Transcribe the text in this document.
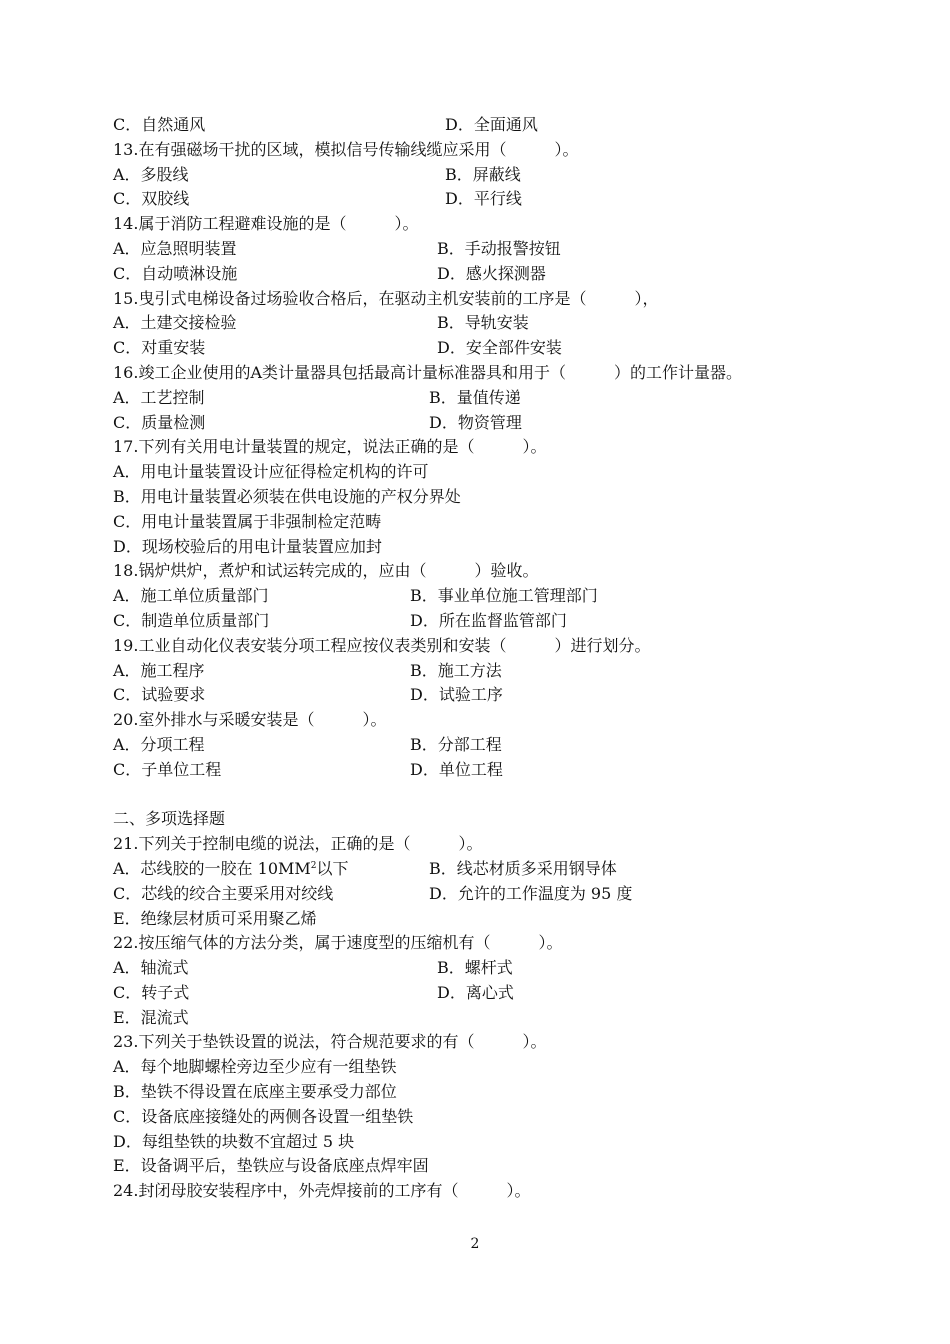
C．自然通风	D．全面通风
13.在有强磁场干扰的区域，模拟信号传输线缆应采用（　　　）。
A．多股线	B．屏蔽线
C．双胶线	D．平行线
14.属于消防工程避难设施的是（　　　）。
A．应急照明装置	B．手动报警按钮
C．自动喷淋设施	D．感火探测器
15.曳引式电梯设备过场验收合格后，在驱动主机安装前的工序是（　　　），
A．土建交接检验	B．导轨安装
C．对重安装	D．安全部件安装
16.竣工企业使用的A类计量器具包括最高计量标准器具和用于（　　　）的工作计量器。
A．工艺控制	B．量值传递
C．质量检测	D．物资管理
17.下列有关用电计量装置的规定，说法正确的是（　　　）。
A．用电计量装置设计应征得检定机构的许可
B．用电计量装置必须装在供电设施的产权分界处
C．用电计量装置属于非强制检定范畴
D．现场校验后的用电计量装置应加封
18.锅炉烘炉，煮炉和试运转完成的，应由（　　　）验收。
A．施工单位质量部门	B．事业单位施工管理部门
C．制造单位质量部门	D．所在监督监管部门
19.工业自动化仪表安装分项工程应按仪表类别和安装（　　　）进行划分。
A．施工程序	B．施工方法
C．试验要求	D．试验工序
20.室外排水与采暖安装是（　　　）。
A．分项工程	B．分部工程
C．子单位工程	D．单位工程
二、多项选择题
21.下列关于控制电缆的说法，正确的是（　　　）。
A．芯线胶的一胶在 $10MM^2$以下	B．线芯材质多采用钢导体
C．芯线的绞合主要采用对绞线	D．允许的工作温度为 95 度
E．绝缘层材质可采用聚乙烯
22.按压缩气体的方法分类，属于速度型的压缩机有（　　　）。
A．轴流式	B．螺杆式
C．转子式	D．离心式
E．混流式
23.下列关于垫铁设置的说法，符合规范要求的有（　　　）。
A．每个地脚螺栓旁边至少应有一组垫铁
B．垫铁不得设置在底座主要承受力部位
C．设备底座接缝处的两侧各设置一组垫铁
D．每组垫铁的块数不宜超过 5 块
E．设备调平后，垫铁应与设备底座点焊牢固
24.封闭母胶安装程序中，外壳焊接前的工序有（　　　）。
2
